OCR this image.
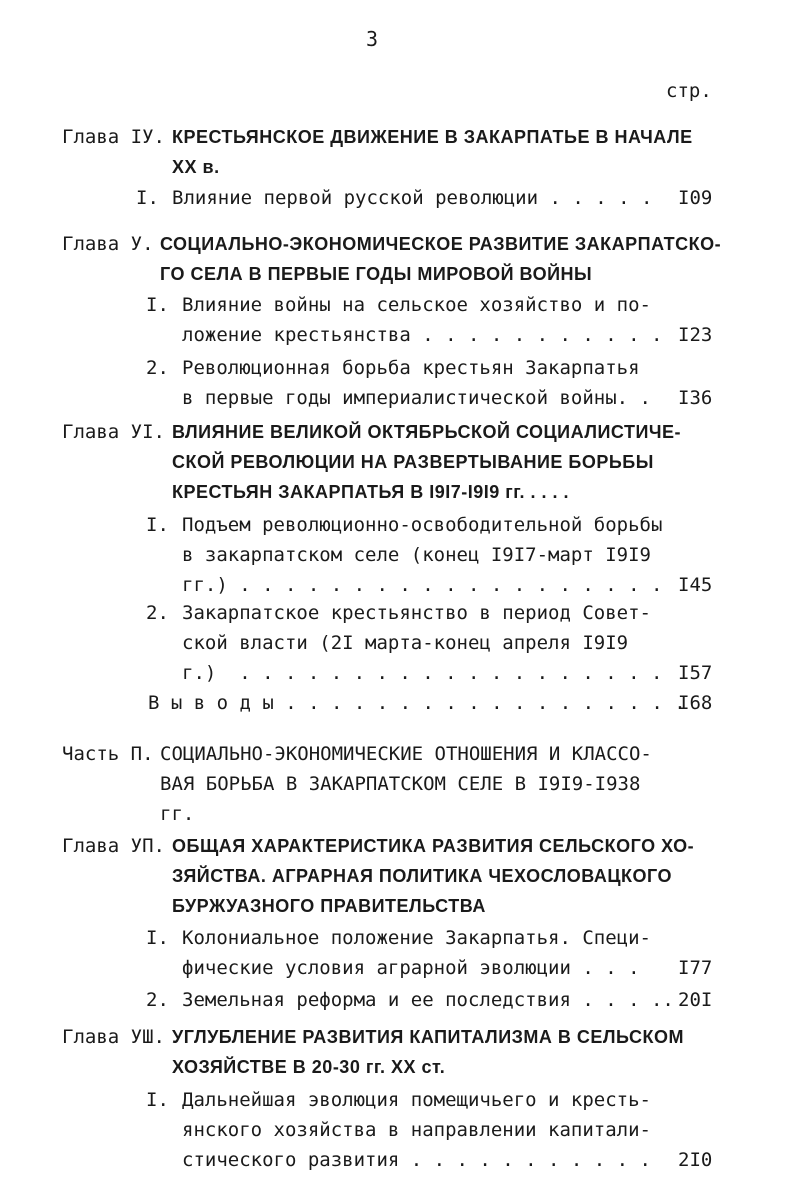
3
стр.
Глава IУ. КРЕСТЬЯНСКОЕ ДВИЖЕНИЕ В ЗАКАРПАТЬЕ В НАЧАЛЕ
XX в.
I. Влияние первой русской революции . . . . . I09
Глава У. СОЦИАЛЬНО-ЭКОНОМИЧЕСКОЕ РАЗВИТИЕ ЗАКАРПАТСКО-
ГО СЕЛА В ПЕРВЫЕ ГОДЫ МИРОВОЙ ВОЙНЫ
I. Влияние войны на сельское хозяйство и по-
ложение крестьянства . . . . . . . . . . . I23
2. Революционная борьба крестьян Закарпатья
в первые годы империалистической войны. . I36
Глава УI. ВЛИЯНИЕ ВЕЛИКОЙ ОКТЯБРЬСКОЙ СОЦИАЛИСТИЧЕ-
СКОЙ РЕВОЛЮЦИИ НА РАЗВЕРТЫВАНИЕ БОРЬБЫ
КРЕСТЬЯН ЗАКАРПАТЬЯ В I9I7-I9I9 гг. . . . .
I. Подъем революционно-освободительной борьбы
в закарпатском селе (конец I9I7-март I9I9
гг.) . . . . . . . . . . . . . . . . . . . I45
2. Закарпатское крестьянство в период Совет-
ской власти (2I марта-конец апреля I9I9
г.)  . . . . . . . . . . . . . . . . . . . I57
В ы в о д ы . . . . . . . . . . . . . . . . . .
I68
Часть П. СОЦИАЛЬНО-ЭКОНОМИЧЕСКИЕ ОТНОШЕНИЯ И КЛАССО-
ВАЯ БОРЬБА В ЗАКАРПАТСКОМ СЕЛЕ В I9I9-I938
гг.
Глава УП. ОБЩАЯ ХАРАКТЕРИСТИКА РАЗВИТИЯ СЕЛЬСКОГО ХО-
ЗЯЙСТВА. АГРАРНАЯ ПОЛИТИКА ЧЕХОСЛОВАЦКОГО
БУРЖУАЗНОГО ПРАВИТЕЛЬСТВА
I. Колониальное положение Закарпатья. Специ-
фические условия аграрной эволюции . . .	I77
2. Земельная реформа и ее последствия . . . .. 20I
Глава УШ. УГЛУБЛЕНИЕ РАЗВИТИЯ КАПИТАЛИЗМА В СЕЛЬСКОМ
ХОЗЯЙСТВЕ В 20-30 гг. XX ст.
I. Дальнейшая эволюция помещичьего и кресть-
янского хозяйства в направлении капитали-
стического развития . . . . . . . . . . . 2I0
